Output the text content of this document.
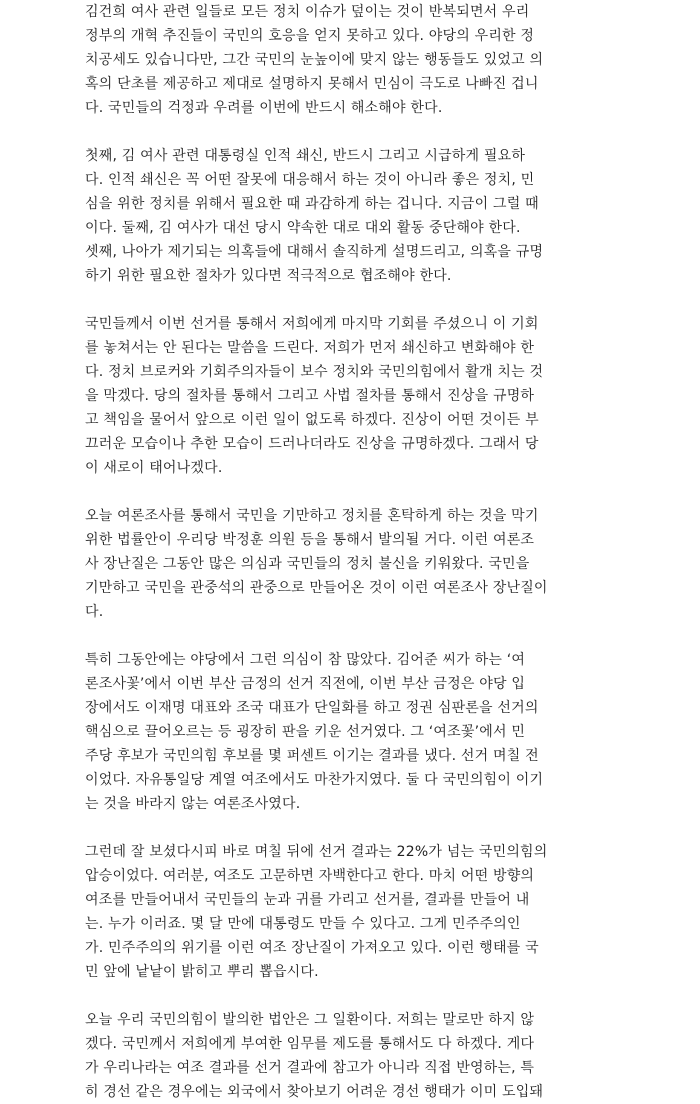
김건희 여사 관련 일들로 모든 정치 이슈가 덮이는 것이 반복되면서 우리
정부의 개혁 추진들이 국민의 호응을 얻지 못하고 있다. 야당의 우리한 정
치공세도 있습니다만, 그간 국민의 눈높이에 맞지 않는 행동들도 있었고 의
혹의 단초를 제공하고 제대로 설명하지 못해서 민심이 극도로 나빠진 겁니
다. 국민들의 걱정과 우려를 이번에 반드시 해소해야 한다.
첫째, 김 여사 관련 대통령실 인적 쇄신, 반드시 그리고 시급하게 필요하
다. 인적 쇄신은 꼭 어떤 잘못에 대응해서 하는 것이 아니라 좋은 정치, 민
심을 위한 정치를 위해서 필요한 때 과감하게 하는 겁니다. 지금이 그럴 때
이다. 둘째, 김 여사가 대선 당시 약속한 대로 대외 활동 중단해야 한다.
셋째, 나아가 제기되는 의혹들에 대해서 솔직하게 설명드리고, 의혹을 규명
하기 위한 필요한 절차가 있다면 적극적으로 협조해야 한다.
국민들께서 이번 선거를 통해서 저희에게 마지막 기회를 주셨으니 이 기회
를 놓쳐서는 안 된다는 말씀을 드린다. 저희가 먼저 쇄신하고 변화해야 한
다. 정치 브로커와 기회주의자들이 보수 정치와 국민의힘에서 활개 치는 것
을 막겠다. 당의 절차를 통해서 그리고 사법 절차를 통해서 진상을 규명하
고 책임을 물어서 앞으로 이런 일이 없도록 하겠다. 진상이 어떤 것이든 부
끄러운 모습이나 추한 모습이 드러나더라도 진상을 규명하겠다. 그래서 당
이 새로이 태어나겠다.
오늘 여론조사를 통해서 국민을 기만하고 정치를 혼탁하게 하는 것을 막기
위한 법률안이 우리당 박정훈 의원 등을 통해서 발의될 거다. 이런 여론조
사 장난질은 그동안 많은 의심과 국민들의 정치 불신을 키워왔다. 국민을
기만하고 국민을 관중석의 관중으로 만들어온 것이 이런 여론조사 장난질이
다.
특히 그동안에는 야당에서 그런 의심이 참 많았다. 김어준 씨가 하는 ‘여
론조사꽃’에서 이번 부산 금정의 선거 직전에, 이번 부산 금정은 야당 입
장에서도 이재명 대표와 조국 대표가 단일화를 하고 정권 심판론을 선거의
핵심으로 끌어오르는 등 굉장히 판을 키운 선거였다. 그 ‘여조꽃’에서 민
주당 후보가 국민의힘 후보를 몇 퍼센트 이기는 결과를 냈다. 선거 며칠 전
이었다. 자유통일당 계열 여조에서도 마찬가지였다. 둘 다 국민의힘이 이기
는 것을 바라지 않는 여론조사였다.
그런데 잘 보셨다시피 바로 며칠 뒤에 선거 결과는 22%가 넘는 국민의힘의
압승이었다. 여러분, 여조도 고문하면 자백한다고 한다. 마치 어떤 방향의
여조를 만들어내서 국민들의 눈과 귀를 가리고 선거를, 결과를 만들어 내
는. 누가 이러죠. 몇 달 만에 대통령도 만들 수 있다고. 그게 민주주의인
가. 민주주의의 위기를 이런 여조 장난질이 가져오고 있다. 이런 행태를 국
민 앞에 낱낱이 밝히고 뿌리 뽑읍시다.
오늘 우리 국민의힘이 발의한 법안은 그 일환이다. 저희는 말로만 하지 않
겠다. 국민께서 저희에게 부여한 임무를 제도를 통해서도 다 하겠다. 게다
가 우리나라는 여조 결과를 선거 결과에 참고가 아니라 직접 반영하는, 특
히 경선 같은 경우에는 외국에서 찾아보기 어려운 경선 행태가 이미 도입돼
